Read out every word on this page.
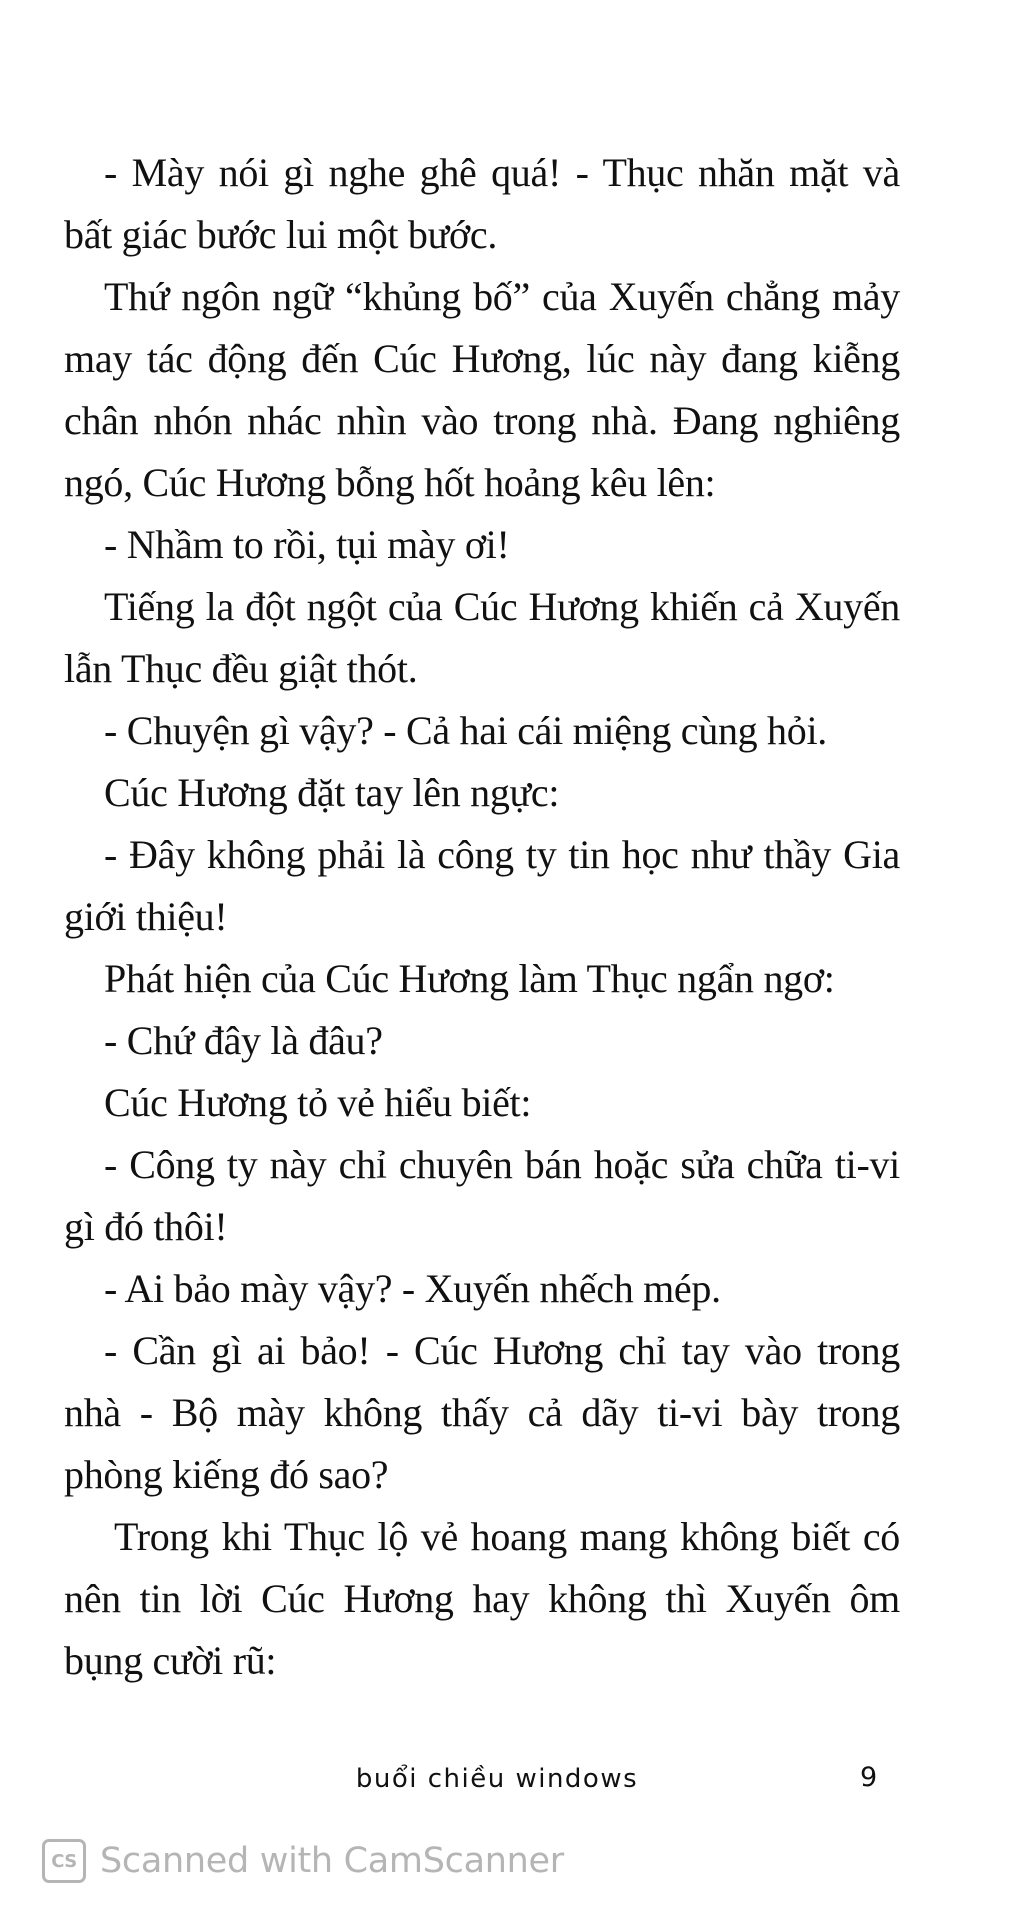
- Mày nói gì nghe ghê quá! - Thục nhăn mặt và bất giác bước lui một bước.

Thứ ngôn ngữ “khủng bố” của Xuyến chẳng mảy may tác động đến Cúc Hương, lúc này đang kiễng chân nhón nhác nhìn vào trong nhà. Đang nghiêng ngó, Cúc Hương bỗng hốt hoảng kêu lên:

- Nhầm to rồi, tụi mày ơi!

Tiếng la đột ngột của Cúc Hương khiến cả Xuyến lẫn Thục đều giật thót.

- Chuyện gì vậy? - Cả hai cái miệng cùng hỏi.

Cúc Hương đặt tay lên ngực:

- Đây không phải là công ty tin học như thầy Gia giới thiệu!

Phát hiện của Cúc Hương làm Thục ngẩn ngơ:

- Chứ đây là đâu?

Cúc Hương tỏ vẻ hiểu biết:

- Công ty này chỉ chuyên bán hoặc sửa chữa ti-vi gì đó thôi!

- Ai bảo mày vậy? - Xuyến nhếch mép.

- Cần gì ai bảo! - Cúc Hương chỉ tay vào trong nhà - Bộ mày không thấy cả dãy ti-vi bày trong phòng kiếng đó sao?

Trong khi Thục lộ vẻ hoang mang không biết có nên tin lời Cúc Hương hay không thì Xuyến ôm bụng cười rũ:

buổi chiều windows	9
CS Scanned with CamScanner
